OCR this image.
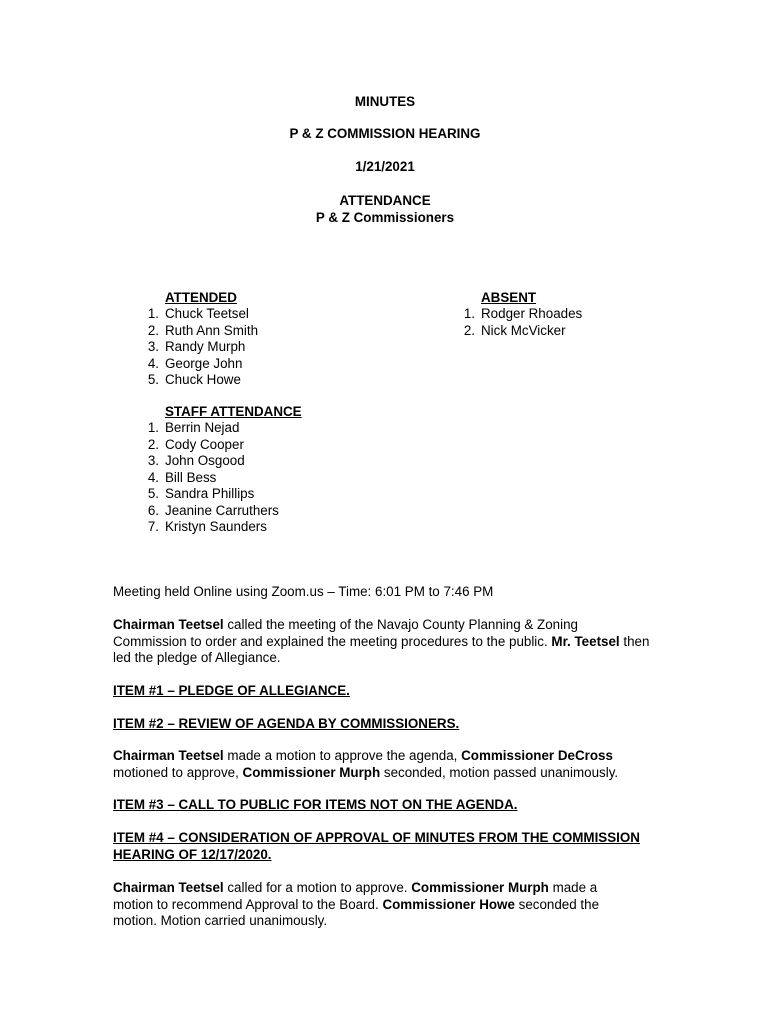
MINUTES
P & Z COMMISSION HEARING
1/21/2021
ATTENDANCE
P & Z Commissioners
ATTENDED
1. Chuck Teetsel
2. Ruth Ann Smith
3. Randy Murph
4. George John
5. Chuck Howe
ABSENT
1. Rodger Rhoades
2. Nick McVicker
STAFF ATTENDANCE
1. Berrin Nejad
2. Cody Cooper
3. John Osgood
4. Bill Bess
5. Sandra Phillips
6. Jeanine Carruthers
7. Kristyn Saunders

Meeting held Online using Zoom.us – Time: 6:01 PM to 7:46 PM

Chairman Teetsel called the meeting of the Navajo County Planning & Zoning Commission to order and explained the meeting procedures to the public. Mr. Teetsel then led the pledge of Allegiance.

ITEM #1 – PLEDGE OF ALLEGIANCE.

ITEM #2 – REVIEW OF AGENDA BY COMMISSIONERS.

Chairman Teetsel made a motion to approve the agenda, Commissioner DeCross motioned to approve, Commissioner Murph seconded, motion passed unanimously.

ITEM #3 – CALL TO PUBLIC FOR ITEMS NOT ON THE AGENDA.

ITEM #4 – CONSIDERATION OF APPROVAL OF MINUTES FROM THE COMMISSION HEARING OF 12/17/2020.

Chairman Teetsel called for a motion to approve. Commissioner Murph made a motion to recommend Approval to the Board. Commissioner Howe seconded the motion. Motion carried unanimously.
